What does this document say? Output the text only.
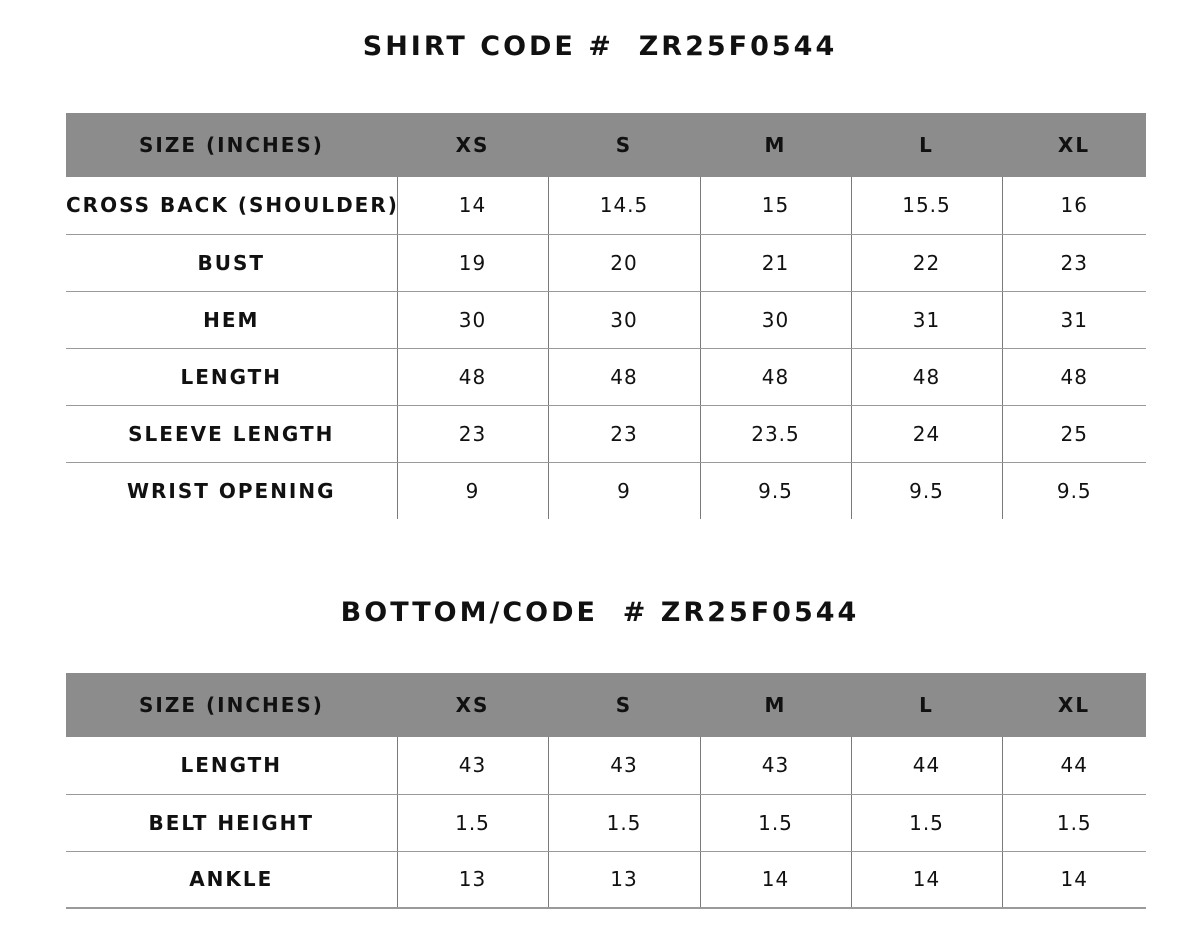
SHIRT CODE #  ZR25F0544
SIZE (INCHES)	XS	S	M	L	XL
CROSS BACK (SHOULDER)	14	14.5	15	15.5	16
BUST	19	20	21	22	23
HEM	30	30	30	31	31
LENGTH	48	48	48	48	48
SLEEVE LENGTH	23	23	23.5	24	25
WRIST OPENING	9	9	9.5	9.5	9.5
BOTTOM/CODE  # ZR25F0544
SIZE (INCHES)	XS	S	M	L	XL
LENGTH	43	43	43	44	44
BELT HEIGHT	1.5	1.5	1.5	1.5	1.5
ANKLE	13	13	14	14	14
